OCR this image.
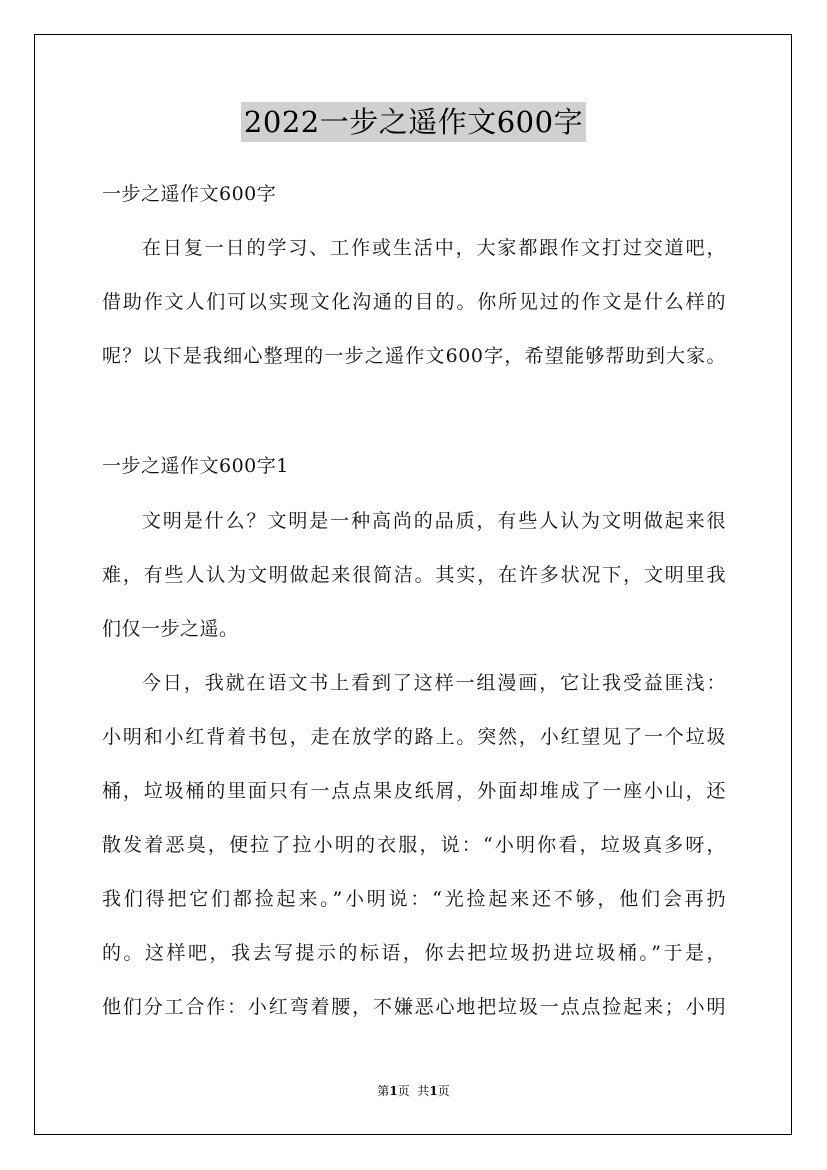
2022一步之遥作文600字
一步之遥作文600字
在日复一日的学习、工作或生活中，大家都跟作文打过交道吧，
借助作文人们可以实现文化沟通的目的。你所见过的作文是什么样的
呢？以下是我细心整理的一步之遥作文600字，希望能够帮助到大家。
一步之遥作文600字1
文明是什么？文明是一种高尚的品质，有些人认为文明做起来很
难，有些人认为文明做起来很简洁。其实，在许多状况下，文明里我
们仅一步之遥。
今日，我就在语文书上看到了这样一组漫画，它让我受益匪浅：
小明和小红背着书包，走在放学的路上。突然，小红望见了一个垃圾
桶，垃圾桶的里面只有一点点果皮纸屑，外面却堆成了一座小山，还
散发着恶臭，便拉了拉小明的衣服，说：“小明你看，垃圾真多呀，
我们得把它们都捡起来。”小明说：“光捡起来还不够，他们会再扔
的。这样吧，我去写提示的标语，你去把垃圾扔进垃圾桶。”于是，
他们分工合作：小红弯着腰，不嫌恶心地把垃圾一点点捡起来；小明
第1页  共1页
